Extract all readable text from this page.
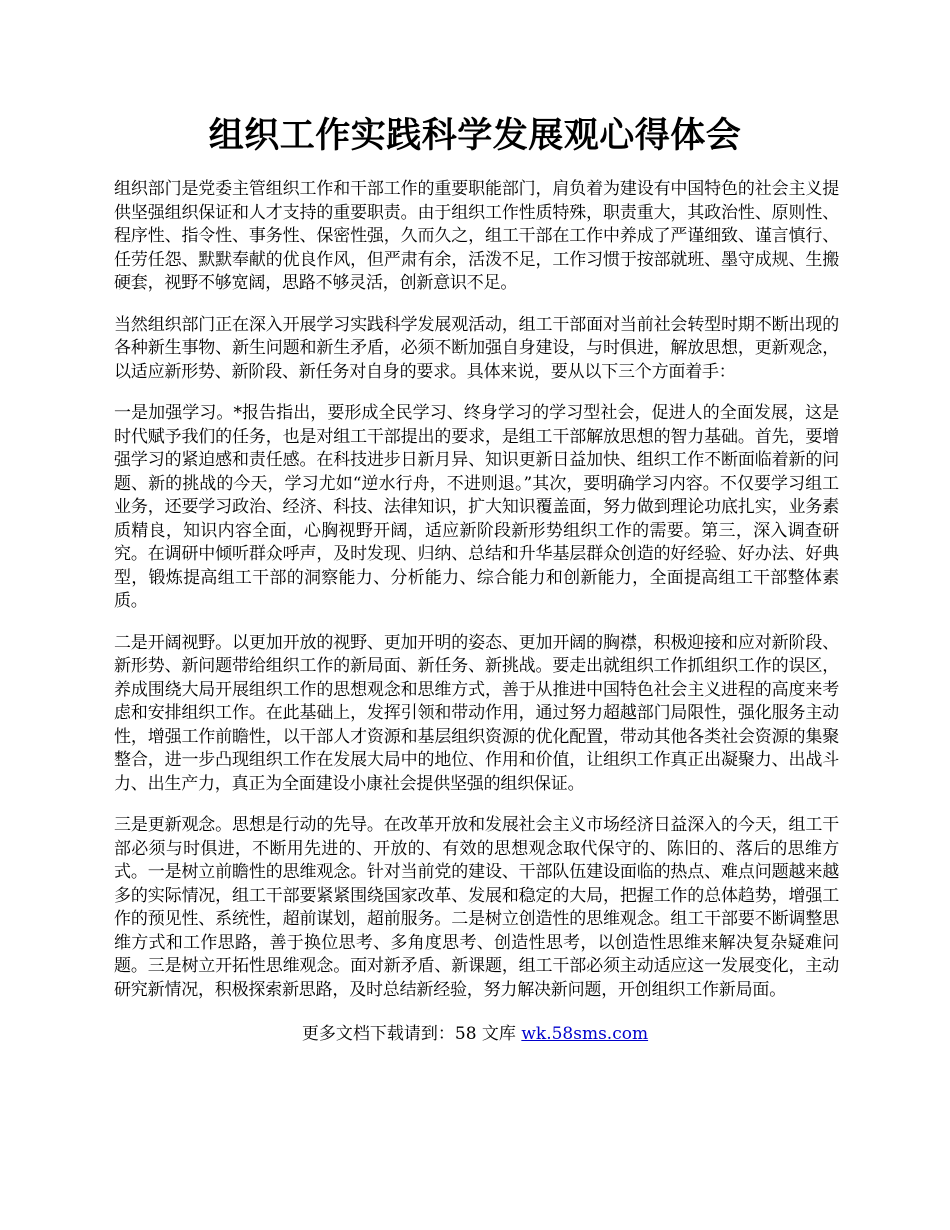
组织工作实践科学发展观心得体会

组织部门是党委主管组织工作和干部工作的重要职能部门，肩负着为建设有中国特色的社会主义提供坚强组织保证和人才支持的重要职责。由于组织工作性质特殊，职责重大，其政治性、原则性、程序性、指令性、事务性、保密性强，久而久之，组工干部在工作中养成了严谨细致、谨言慎行、任劳任怨、默默奉献的优良作风，但严肃有余，活泼不足，工作习惯于按部就班、墨守成规、生搬硬套，视野不够宽阔，思路不够灵活，创新意识不足。

当然组织部门正在深入开展学习实践科学发展观活动，组工干部面对当前社会转型时期不断出现的各种新生事物、新生问题和新生矛盾，必须不断加强自身建设，与时俱进，解放思想，更新观念，以适应新形势、新阶段、新任务对自身的要求。具体来说，要从以下三个方面着手：

一是加强学习。*报告指出，要形成全民学习、终身学习的学习型社会，促进人的全面发展，这是时代赋予我们的任务，也是对组工干部提出的要求，是组工干部解放思想的智力基础。首先，要增强学习的紧迫感和责任感。在科技进步日新月异、知识更新日益加快、组织工作不断面临着新的问题、新的挑战的今天，学习尤如“逆水行舟，不进则退。”其次，要明确学习内容。不仅要学习组工业务，还要学习政治、经济、科技、法律知识，扩大知识覆盖面，努力做到理论功底扎实，业务素质精良，知识内容全面，心胸视野开阔，适应新阶段新形势组织工作的需要。第三，深入调查研究。在调研中倾听群众呼声，及时发现、归纳、总结和升华基层群众创造的好经验、好办法、好典型，锻炼提高组工干部的洞察能力、分析能力、综合能力和创新能力，全面提高组工干部整体素质。

二是开阔视野。以更加开放的视野、更加开明的姿态、更加开阔的胸襟，积极迎接和应对新阶段、新形势、新问题带给组织工作的新局面、新任务、新挑战。要走出就组织工作抓组织工作的误区，养成围绕大局开展组织工作的思想观念和思维方式，善于从推进中国特色社会主义进程的高度来考虑和安排组织工作。在此基础上，发挥引领和带动作用，通过努力超越部门局限性，强化服务主动性，增强工作前瞻性，以干部人才资源和基层组织资源的优化配置，带动其他各类社会资源的集聚整合，进一步凸现组织工作在发展大局中的地位、作用和价值，让组织工作真正出凝聚力、出战斗力、出生产力，真正为全面建设小康社会提供坚强的组织保证。

三是更新观念。思想是行动的先导。在改革开放和发展社会主义市场经济日益深入的今天，组工干部必须与时俱进，不断用先进的、开放的、有效的思想观念取代保守的、陈旧的、落后的思维方式。一是树立前瞻性的思维观念。针对当前党的建设、干部队伍建设面临的热点、难点问题越来越多的实际情况，组工干部要紧紧围绕国家改革、发展和稳定的大局，把握工作的总体趋势，增强工作的预见性、系统性，超前谋划，超前服务。二是树立创造性的思维观念。组工干部要不断调整思维方式和工作思路，善于换位思考、多角度思考、创造性思考，以创造性思维来解决复杂疑难问题。三是树立开拓性思维观念。面对新矛盾、新课题，组工干部必须主动适应这一发展变化，主动研究新情况，积极探索新思路，及时总结新经验，努力解决新问题，开创组织工作新局面。

更多文档下载请到：58 文库 wk.58sms.com
